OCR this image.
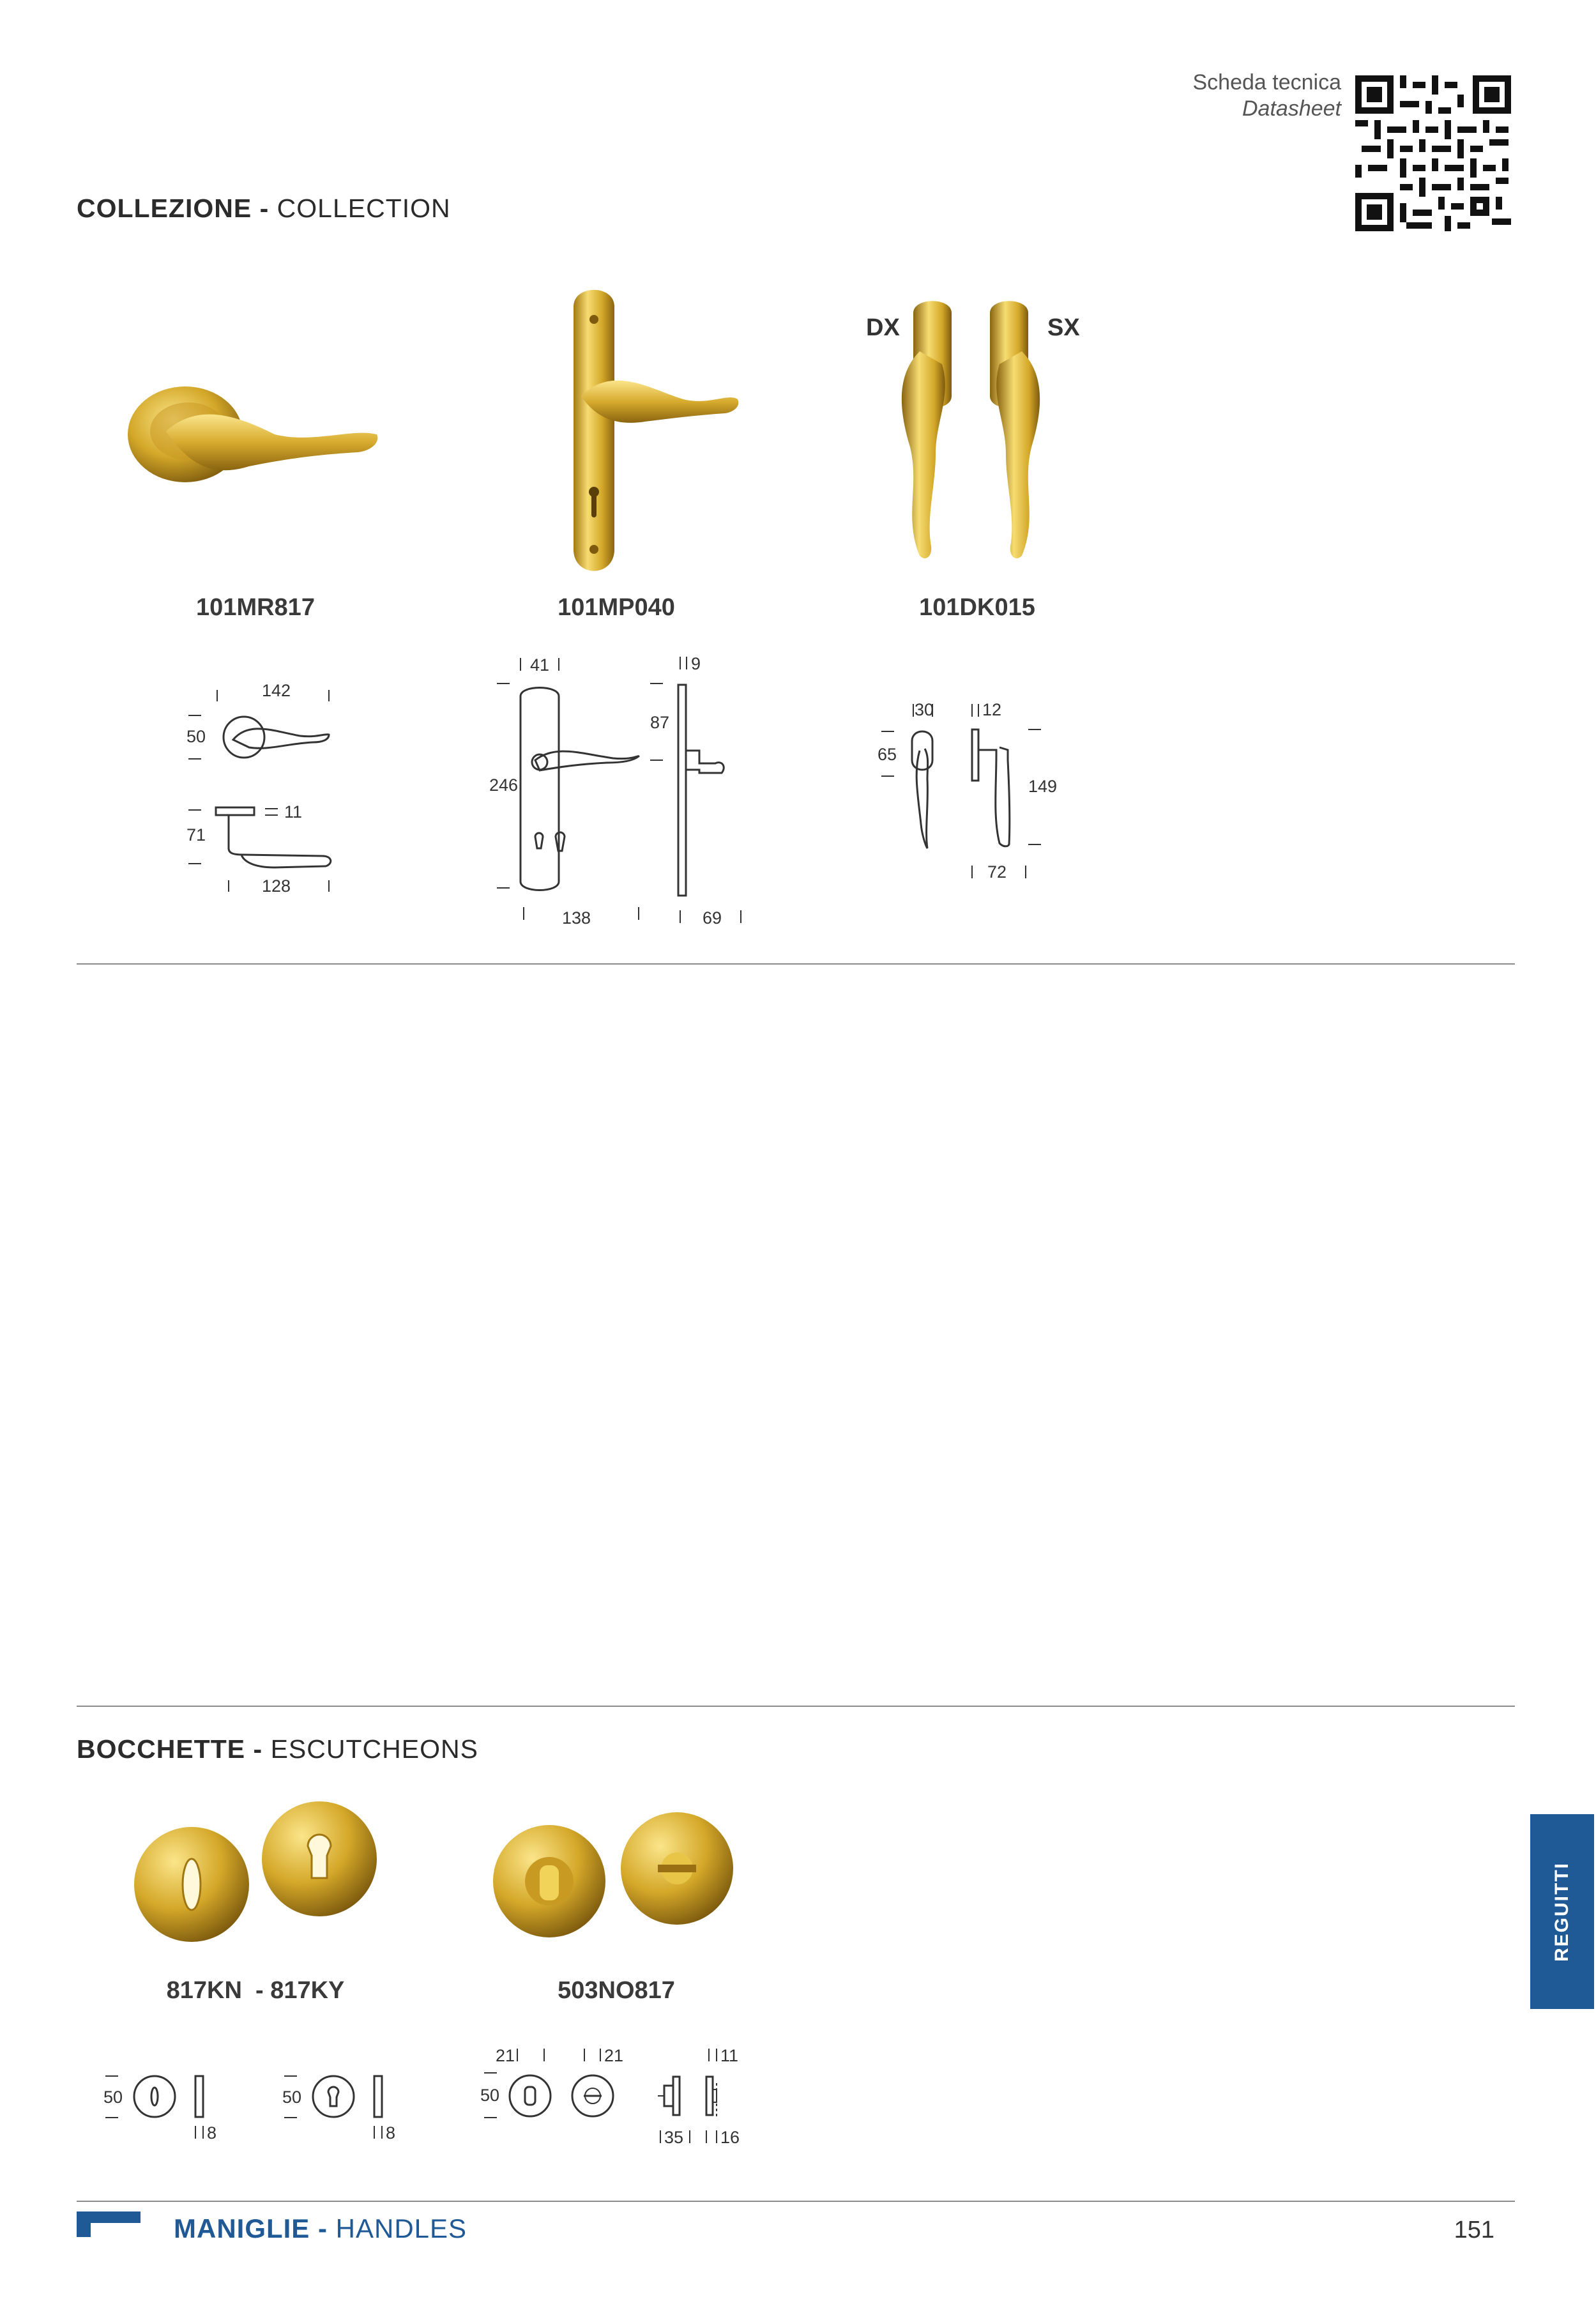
Scheda tecnica
Datasheet
COLLEZIONE - COLLECTION
DX	SX
101MR817	101MP040	101DK015
142
50
71
11
128
41	9
246
87
138	69
30	12
65
149
72
BOCCHETTE - ESCUTCHEONS
817KN  - 817KY	503NO817
50
8
50
8
21	21	11
50
35 16
REGUITTI
MANIGLIE - HANDLES	151
